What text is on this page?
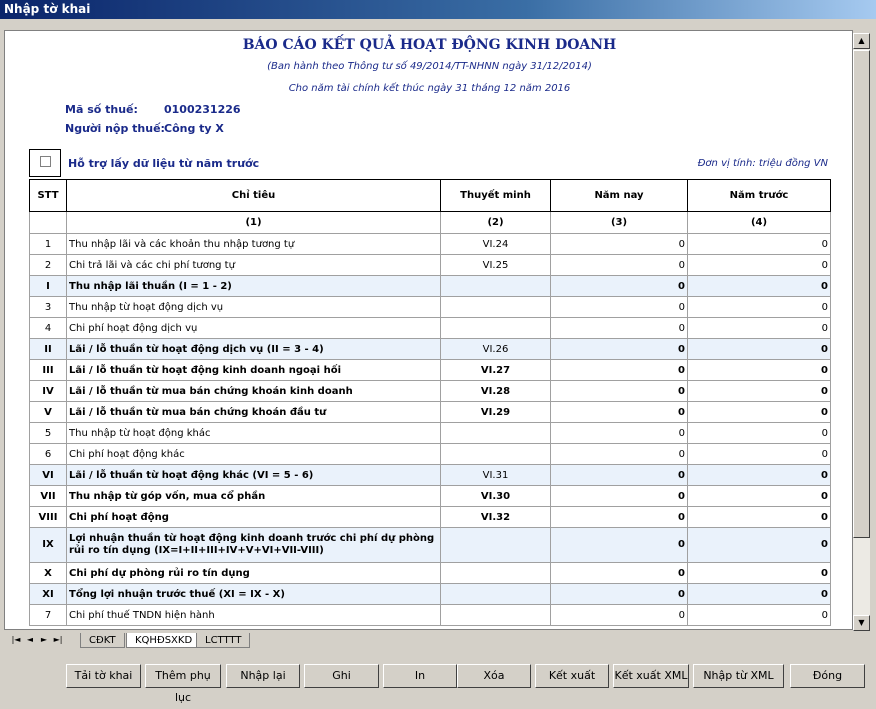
Nhập tờ khai
BÁO CÁO KẾT QUẢ HOẠT ĐỘNG KINH DOANH
(Ban hành theo Thông tư số 49/2014/TT-NHNN ngày 31/12/2014)
Cho năm tài chính kết thúc ngày 31 tháng 12 năm 2016
Mã số thuế: 0100231226
Người nộp thuế: Công ty X
Hỗ trợ lấy dữ liệu từ năm trước	Đơn vị tính: triệu đồng VN
STT	Chỉ tiêu	Thuyết minh	Năm nay	Năm trước
	(1)	(2)	(3)	(4)
1	Thu nhập lãi và các khoản thu nhập tương tự	VI.24	0	0
2	Chi trả lãi và các chi phí tương tự	VI.25	0	0
I	Thu nhập lãi thuần (I = 1 - 2)		0	0
3	Thu nhập từ hoạt động dịch vụ		0	0
4	Chi phí hoạt động dịch vụ		0	0
II	Lãi / lỗ thuần từ hoạt động dịch vụ (II = 3 - 4)	VI.26	0	0
III	Lãi / lỗ thuần từ hoạt động kinh doanh ngoại hối	VI.27	0	0
IV	Lãi / lỗ thuần từ mua bán chứng khoán kinh doanh	VI.28	0	0
V	Lãi / lỗ thuần từ mua bán chứng khoán đầu tư	VI.29	0	0
5	Thu nhập từ hoạt động khác		0	0
6	Chi phí hoạt động khác		0	0
VI	Lãi / lỗ thuần từ hoạt động khác (VI = 5 - 6)	VI.31	0	0
VII	Thu nhập từ góp vốn, mua cổ phần	VI.30	0	0
VIII	Chi phí hoạt động	VI.32	0	0
IX	Lợi nhuận thuần từ hoạt động kinh doanh trước chi phí dự phòng rủi ro tín dụng (IX=I+II+III+IV+V+VI+VII-VIII)		0	0
X	Chi phí dự phòng rủi ro tín dụng		0	0
XI	Tổng lợi nhuận trước thuế (XI = IX - X)		0	0
7	Chi phí thuế TNDN hiện hành		0	0
▲
▼
|◄ ◄ ► ►|	CĐKT	KQHĐSXKD	LCTTTT
Tải tờ khai	Thêm phụ lục
Nhập lại	Ghi	In	Xóa	Kết xuất	Kết xuất XML	Nhập từ XML	Đóng
